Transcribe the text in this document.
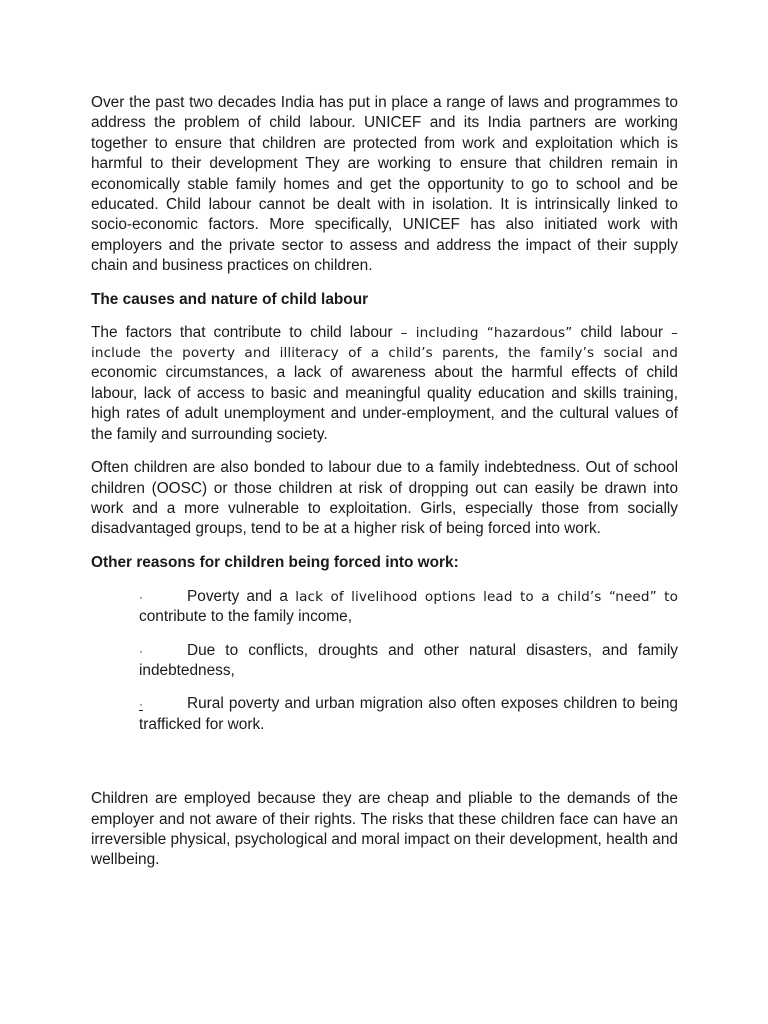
Over the past two decades India has put in place a range of laws and programmes to address the problem of child labour. UNICEF and its India partners are working together to ensure that children are protected from work and exploitation which is harmful to their development They are working to ensure that children remain in economically stable family homes and get the opportunity to go to school and be educated. Child labour cannot be dealt with in isolation. It is intrinsically linked to socio-economic factors. More specifically, UNICEF has also initiated work with employers and the private sector to assess and address the impact of their supply chain and business practices on children.

The causes and nature of child labour

The factors that contribute to child labour – including “hazardous” child labour –include the poverty and illiteracy of a child’s parents, the family’s social and economic circumstances, a lack of awareness about the harmful effects of child labour, lack of access to basic and meaningful quality education and skills training, high rates of adult unemployment and under-employment, and the cultural values of the family and surrounding society.

Often children are also bonded to labour due to a family indebtedness. Out of school children (OOSC) or those children at risk of dropping out can easily be drawn into work and a more vulnerable to exploitation. Girls, especially those from socially disadvantaged groups, tend to be at a higher risk of being forced into work.

Other reasons for children being forced into work:
·	Poverty and a lack of livelihood options lead to a child’s “need” to contribute to the family income,
·	Due to conflicts, droughts and other natural disasters, and family indebtedness,
·	Rural poverty and urban migration also often exposes children to being trafficked for work.

Children are employed because they are cheap and pliable to the demands of the employer and not aware of their rights. The risks that these children face can have an irreversible physical, psychological and moral impact on their development, health and wellbeing.
